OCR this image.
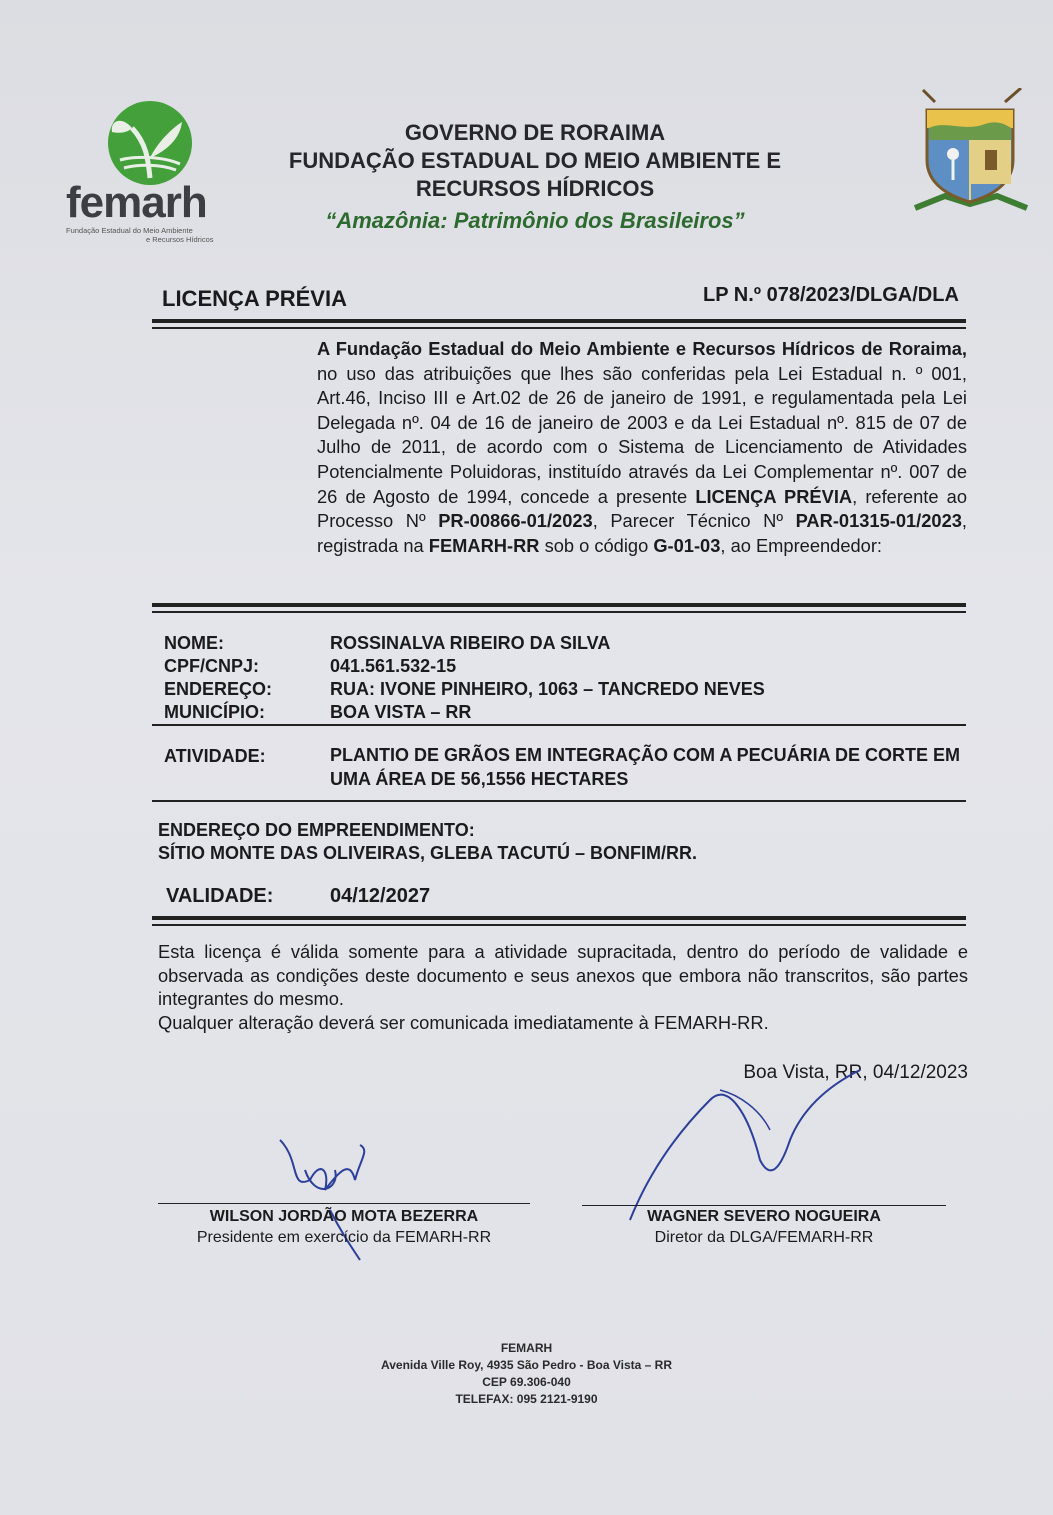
femarh
Fundação Estadual do Meio Ambiente
e Recursos Hídricos
GOVERNO DE RORAIMA
FUNDAÇÃO ESTADUAL DO MEIO AMBIENTE E
RECURSOS HÍDRICOS
“Amazônia: Patrimônio dos Brasileiros”
LICENÇA PRÉVIA	LP N.º 078/2023/DLGA/DLA
A Fundação Estadual do Meio Ambiente e Recursos Hídricos de Roraima, no uso das atribuições que lhes são conferidas pela Lei Estadual n. º 001, Art.46, Inciso III e Art.02 de 26 de janeiro de 1991, e regulamentada pela Lei Delegada nº. 04 de 16 de janeiro de 2003 e da Lei Estadual nº. 815 de 07 de Julho de 2011, de acordo com o Sistema de Licenciamento de Atividades Potencialmente Poluidoras, instituído através da Lei Complementar nº. 007 de 26 de Agosto de 1994, concede a presente LICENÇA PRÉVIA, referente ao Processo Nº PR-00866-01/2023, Parecer Técnico Nº PAR-01315-01/2023, registrada na FEMARH-RR sob o código G-01-03, ao Empreendedor:
NOME:	ROSSINALVA RIBEIRO DA SILVA
CPF/CNPJ:	041.561.532-15
ENDEREÇO:	RUA: IVONE PINHEIRO, 1063 – TANCREDO NEVES
MUNICÍPIO:	BOA VISTA – RR
ATIVIDADE:	PLANTIO DE GRÃOS EM INTEGRAÇÃO COM A PECUÁRIA DE CORTE EM UMA ÁREA DE 56,1556 HECTARES
ENDEREÇO DO EMPREENDIMENTO:
SÍTIO MONTE DAS OLIVEIRAS, GLEBA TACUTÚ – BONFIM/RR.
VALIDADE:	04/12/2027

Esta licença é válida somente para a atividade supracitada, dentro do período de validade e observada as condições deste documento e seus anexos que embora não transcritos, são partes integrantes do mesmo.

Qualquer alteração deverá ser comunicada imediatamente à FEMARH-RR.

Boa Vista, RR, 04/12/2023
WILSON JORDÃO MOTA BEZERRA
Presidente em exercício da FEMARH-RR
WAGNER SEVERO NOGUEIRA
Diretor da DLGA/FEMARH-RR
FEMARH
Avenida Ville Roy, 4935 São Pedro - Boa Vista – RR
CEP 69.306-040
TELEFAX: 095 2121-9190
